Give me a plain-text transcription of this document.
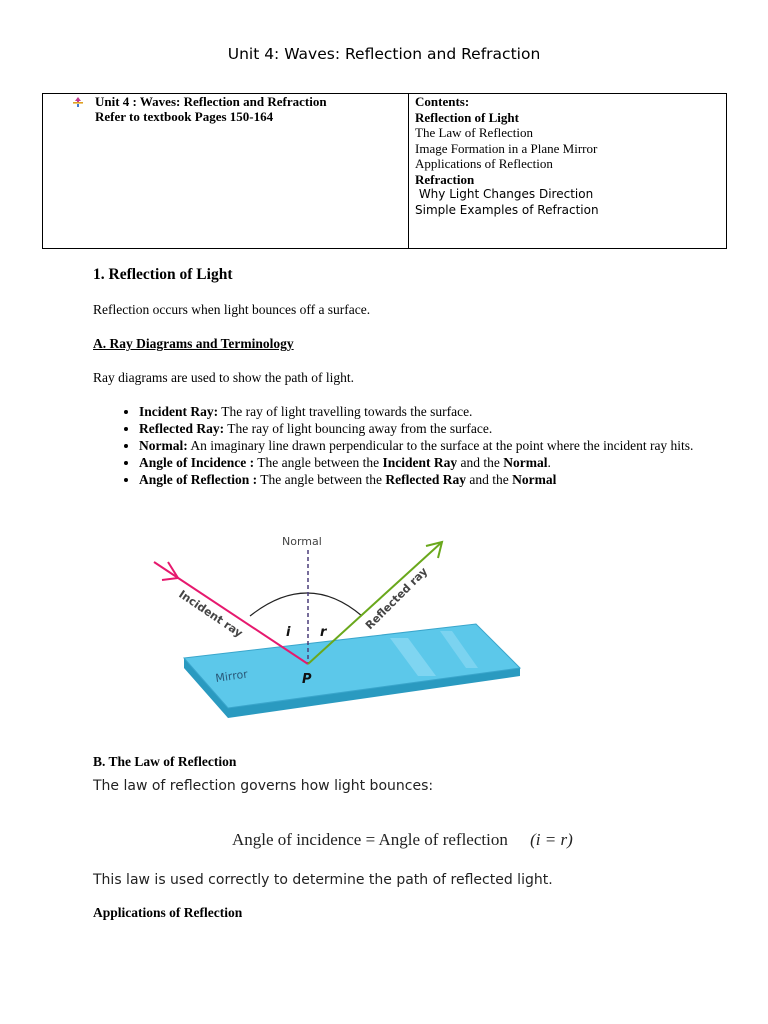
Unit 4: Waves: Reflection and Refraction
Unit 4 : Waves: Reflection and Refraction
Refer to textbook Pages 150-164
Contents:
Reflection of Light
The Law of Reflection
Image Formation in a Plane Mirror
Applications of Reflection
Refraction
Why Light Changes Direction
Simple Examples of Refraction
1. Reflection of Light
Reflection occurs when light bounces off a surface.
A. Ray Diagrams and Terminology
Ray diagrams are used to show the path of light.
• Incident Ray: The ray of light travelling towards the surface.
• Reflected Ray: The ray of light bouncing away from the surface.
• Normal: An imaginary line drawn perpendicular to the surface at the point where the incident ray hits.
• Angle of Incidence : The angle between the Incident Ray and the Normal.
• Angle of Reflection : The angle between the Reflected Ray and the Normal
Mirror
Normal
Incident ray	Reflected ray
i r
P
B. The Law of Reflection
The law of reflection governs how light bounces:
Angle of incidence = Angle of reflection (i = r)
This law is used correctly to determine the path of reflected light.
Applications of Reflection
